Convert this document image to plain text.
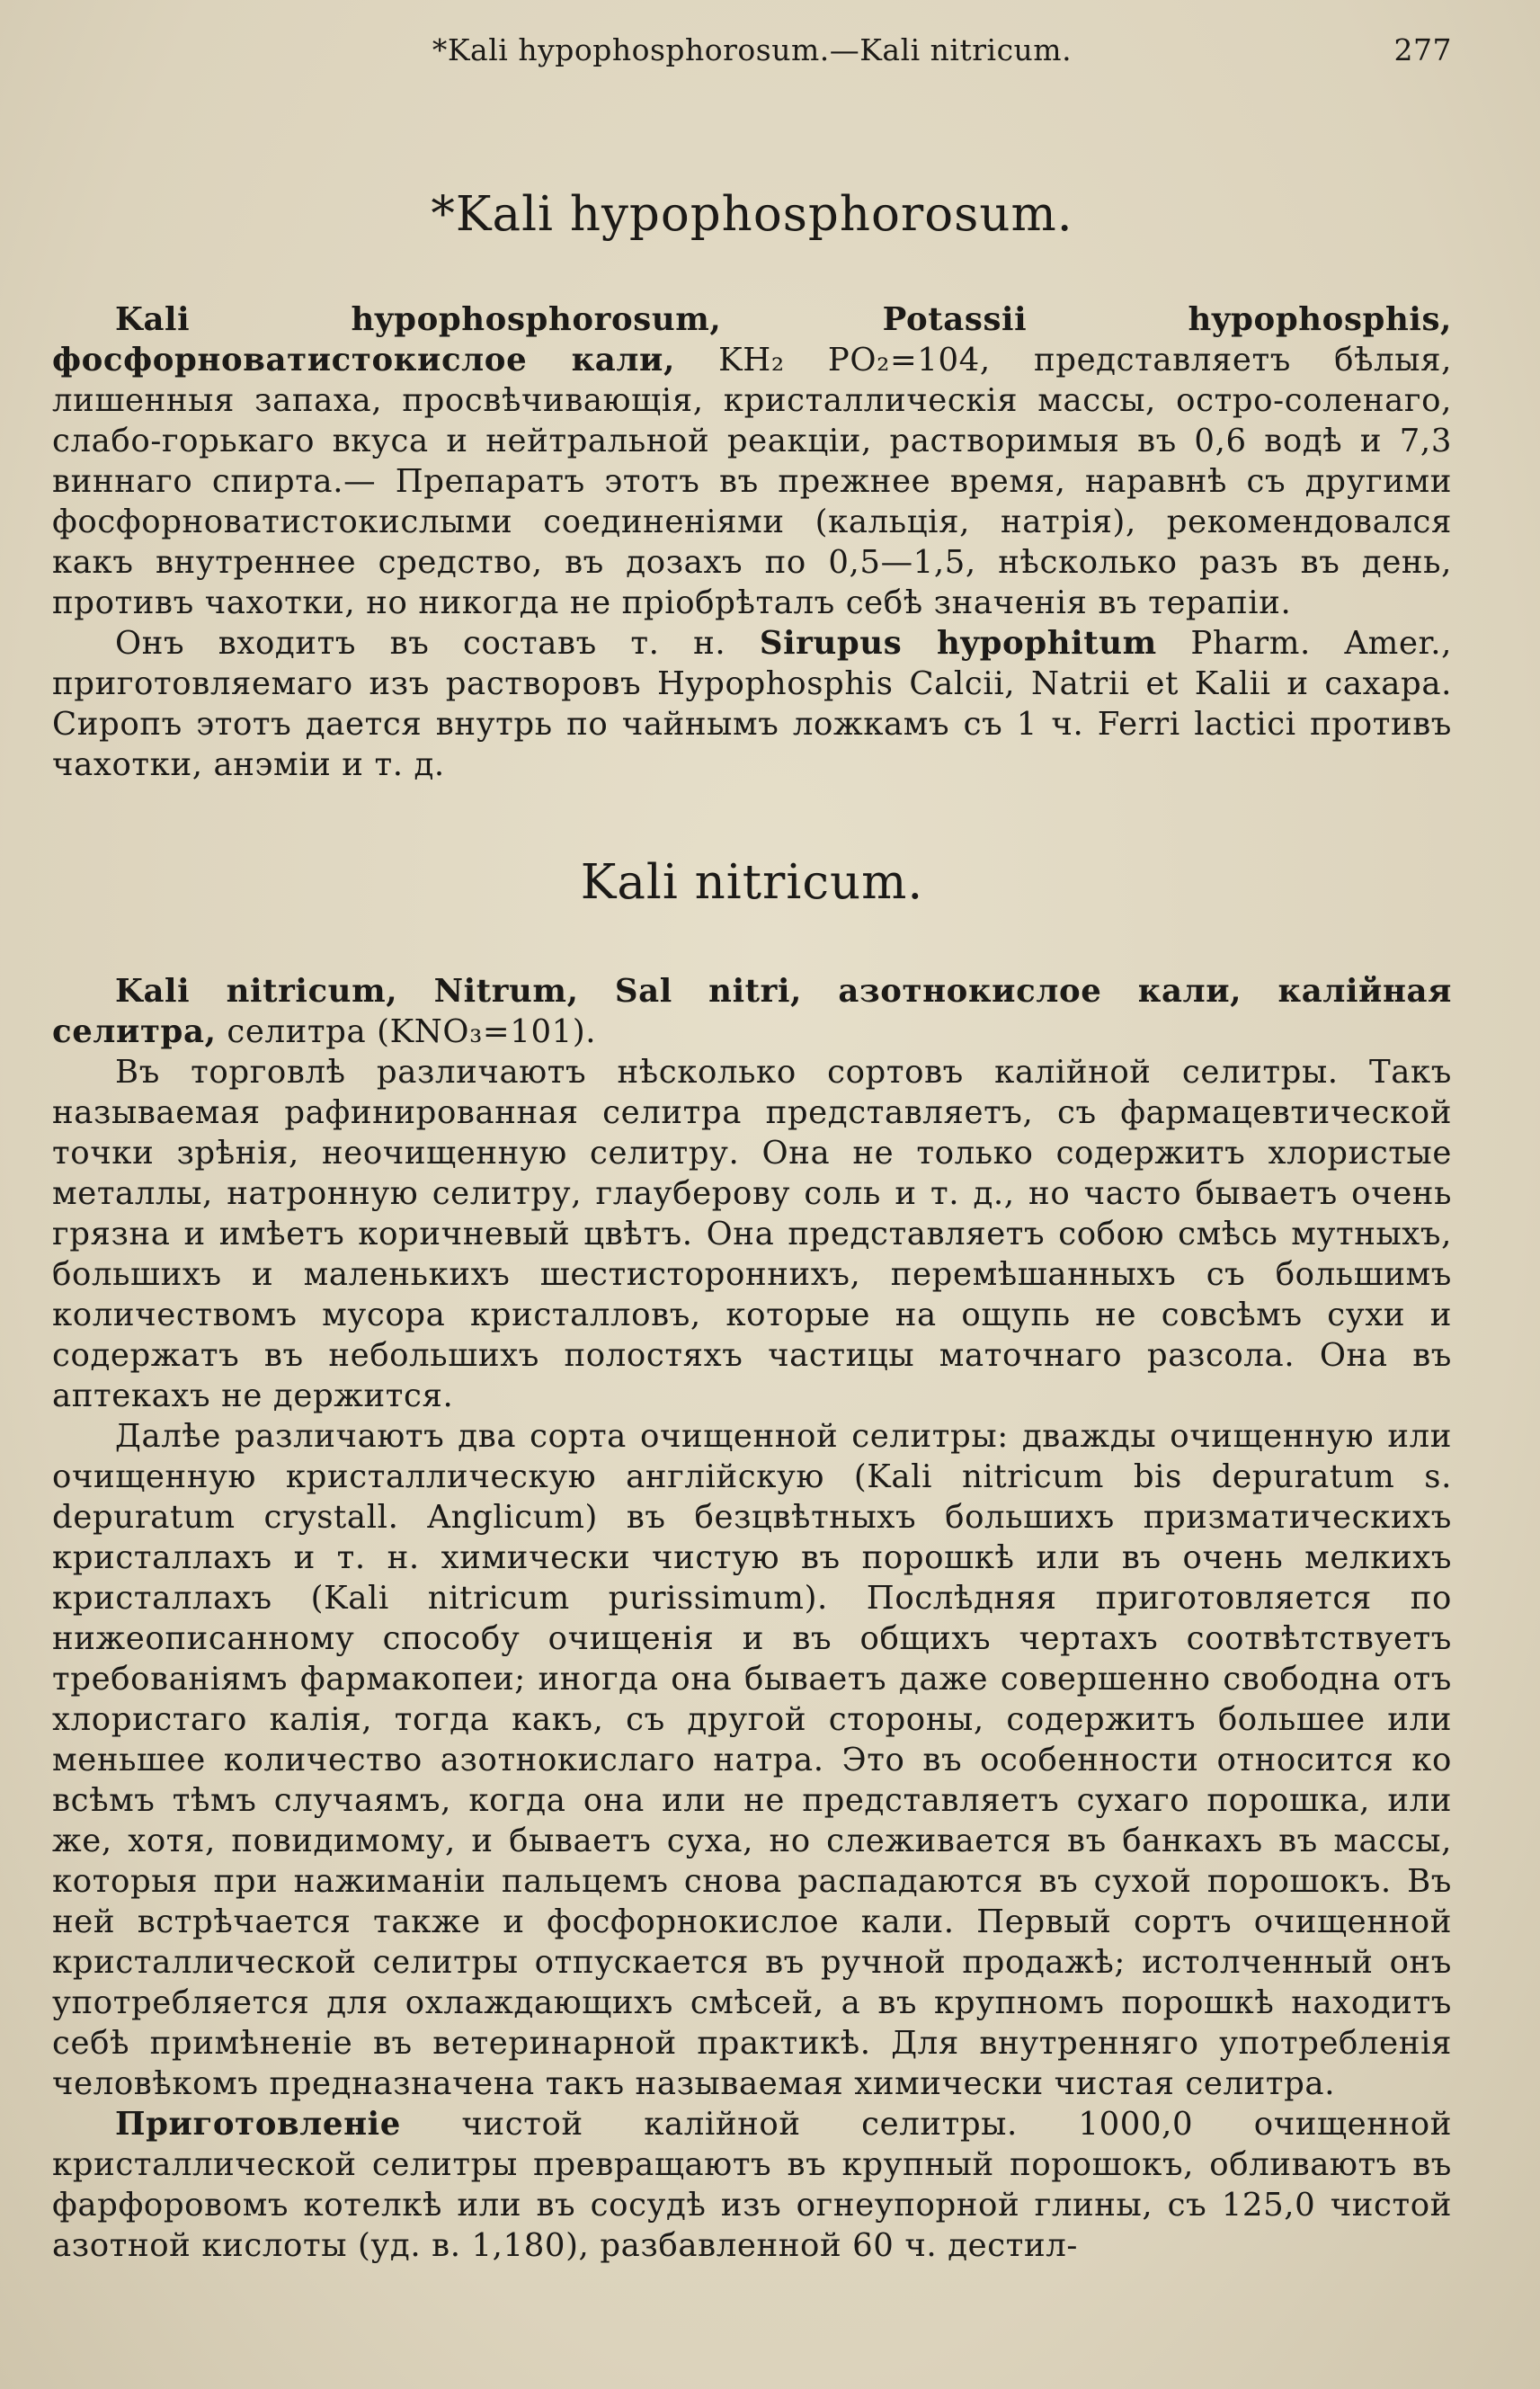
*Kali hypophosphorosum.—Kali nitricum.	277
*Kali hypophosphorosum.

Kali hypophosphorosum, Potassii hypophosphis, фосфорноватистокислое кали, KH₂ PO₂=104, представляетъ бѣлыя, лишенныя запаха, просвѣчивающія, кристаллическія массы, остро-соленаго, слабо-горькаго вкуса и нейтральной реакціи, растворимыя въ 0,6 водѣ и 7,3 виннаго спирта.— Препаратъ этотъ въ прежнее время, наравнѣ съ другими фосфорноватистокислыми соединеніями (кальція, натрія), рекомендовался какъ внутреннее средство, въ дозахъ по 0,5—1,5, нѣсколько разъ въ день, противъ чахотки, но никогда не пріобрѣталъ себѣ значенія въ терапіи.

Онъ входитъ въ составъ т. н. Sirupus hypophitum Pharm. Amer., приготовляемаго изъ растворовъ Hypophosphis Calcii, Natrii et Kalii и сахара. Сиропъ этотъ дается внутрь по чайнымъ ложкамъ съ 1 ч. Ferri lactici противъ чахотки, анэміи и т. д.

Kali nitricum.

Kali nitricum, Nitrum, Sal nitri, азотнокислое кали, калійная селитра, селитра (KNO₃=101).

Въ торговлѣ различаютъ нѣсколько сортовъ калійной селитры. Такъ называемая рафинированная селитра представляетъ, съ фармацевтической точки зрѣнія, неочищенную селитру. Она не только содержитъ хлористые металлы, натронную селитру, глауберову соль и т. д., но часто бываетъ очень грязна и имѣетъ коричневый цвѣтъ. Она представляетъ собою смѣсь мутныхъ, большихъ и маленькихъ шестистороннихъ, перемѣшанныхъ съ большимъ количествомъ мусора кристалловъ, которые на ощупь не совсѣмъ сухи и содержатъ въ небольшихъ полостяхъ частицы маточнаго разсола. Она въ аптекахъ не держится.

Далѣе различаютъ два сорта очищенной селитры: дважды очищенную или очищенную кристаллическую англійскую (Kali nitricum bis depuratum s. depuratum crystall. Anglicum) въ безцвѣтныхъ большихъ призматическихъ кристаллахъ и т. н. химически чистую въ порошкѣ или въ очень мелкихъ кристаллахъ (Kali nitricum purissimum). Послѣдняя приготовляется по нижеописанному способу очищенія и въ общихъ чертахъ соотвѣтствуетъ требованіямъ фармакопеи; иногда она бываетъ даже совершенно свободна отъ хлористаго калія, тогда какъ, съ другой стороны, содержитъ большее или меньшее количество азотнокислаго натра. Это въ особенности относится ко всѣмъ тѣмъ случаямъ, когда она или не представляетъ сухаго порошка, или же, хотя, повидимому, и бываетъ суха, но слеживается въ банкахъ въ массы, которыя при нажиманіи пальцемъ снова распадаются въ сухой порошокъ. Въ ней встрѣчается также и фосфорнокислое кали. Первый сортъ очищенной кристаллической селитры отпускается въ ручной продажѣ; истолченный онъ употребляется для охлаждающихъ смѣсей, а въ крупномъ порошкѣ находитъ себѣ примѣненіе въ ветеринарной практикѣ. Для внутренняго употребленія человѣкомъ предназначена такъ называемая химически чистая селитра.

Приготовленіе чистой калійной селитры. 1000,0 очищенной кристаллической селитры превращаютъ въ крупный порошокъ, обливаютъ въ фарфоровомъ котелкѣ или въ сосудѣ изъ огнеупорной глины, съ 125,0 чистой азотной кислоты (уд. в. 1,180), разбавленной 60 ч. дестил-
